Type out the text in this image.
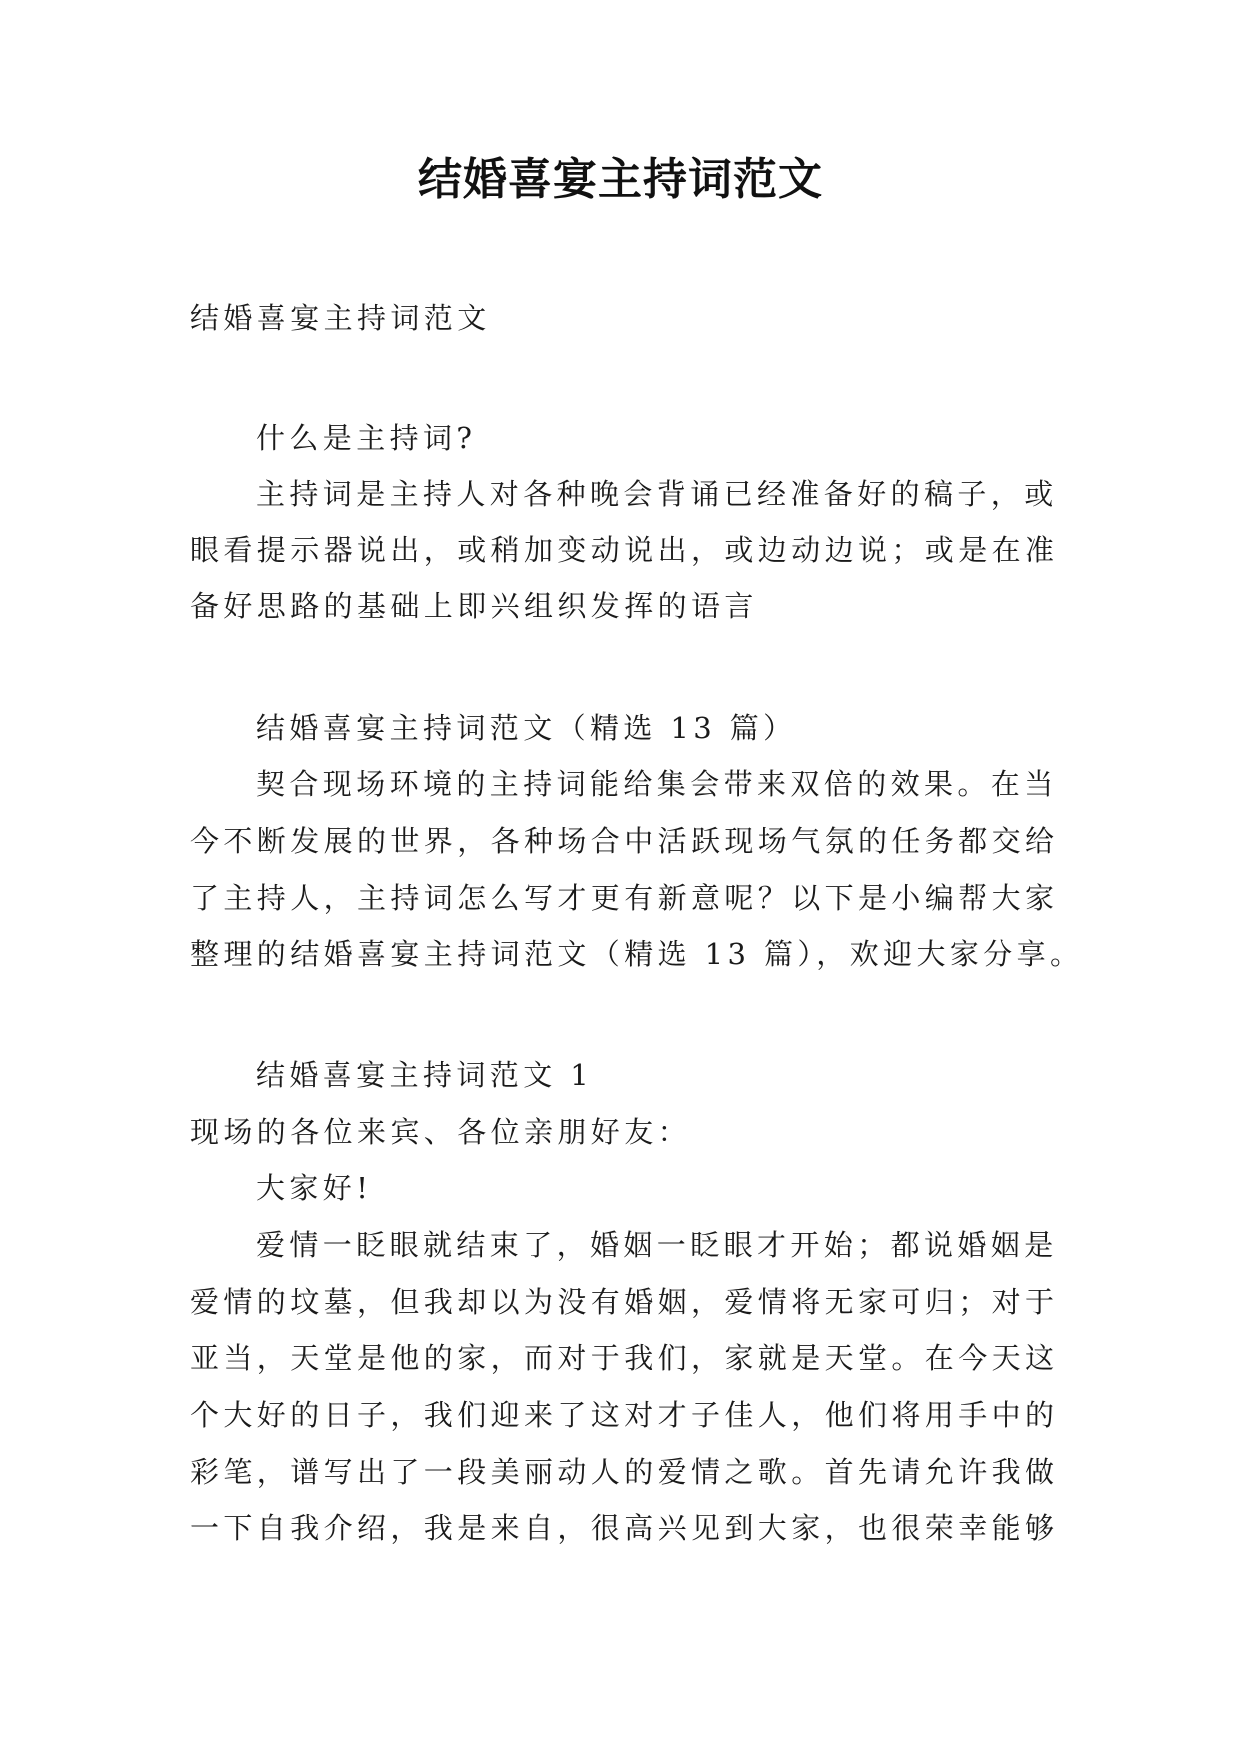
结婚喜宴主持词范文
结婚喜宴主持词范文
什么是主持词?
主持词是主持人对各种晚会背诵已经准备好的稿子，或
眼看提示器说出，或稍加变动说出，或边动边说；或是在准
备好思路的基础上即兴组织发挥的语言
结婚喜宴主持词范文（精选 13 篇）
契合现场环境的主持词能给集会带来双倍的效果。在当
今不断发展的世界，各种场合中活跃现场气氛的任务都交给
了主持人，主持词怎么写才更有新意呢？以下是小编帮大家
整理的结婚喜宴主持词范文（精选 13 篇），欢迎大家分享。
结婚喜宴主持词范文 1
现场的各位来宾、各位亲朋好友：
大家好!
爱情一眨眼就结束了，婚姻一眨眼才开始；都说婚姻是
爱情的坟墓，但我却以为没有婚姻，爱情将无家可归；对于
亚当，天堂是他的家，而对于我们，家就是天堂。在今天这
个大好的日子，我们迎来了这对才子佳人，他们将用手中的
彩笔，谱写出了一段美丽动人的爱情之歌。首先请允许我做
一下自我介绍，我是来自，很高兴见到大家，也很荣幸能够
